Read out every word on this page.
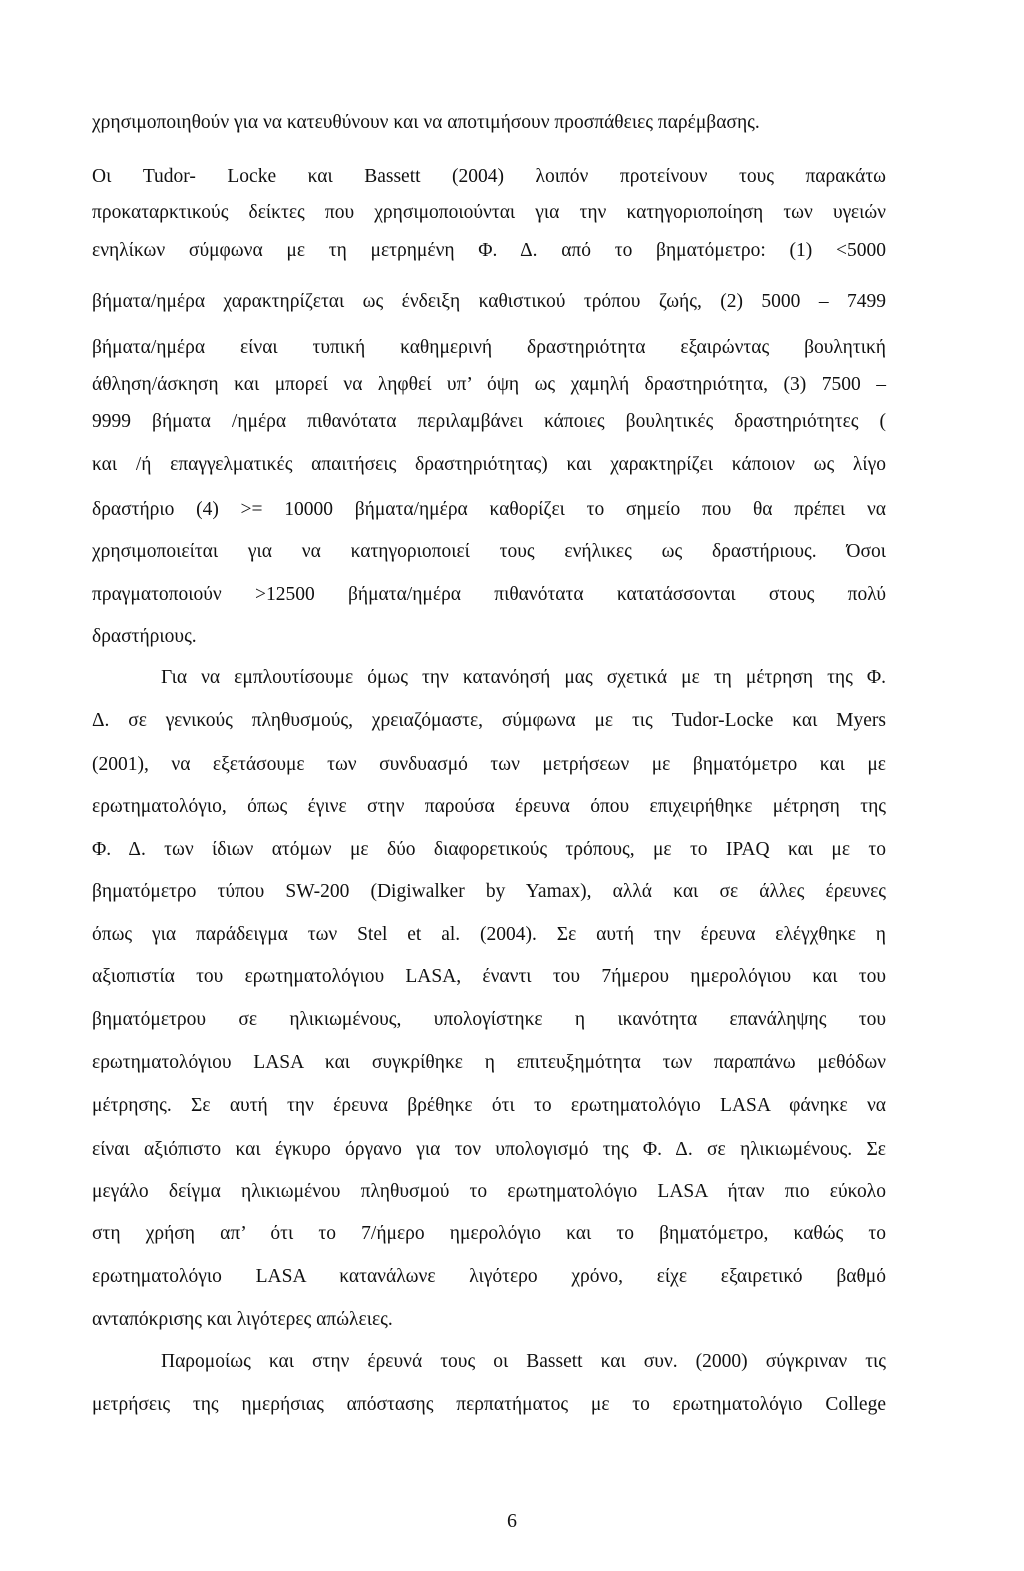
χρησιμοποιηθούν για να κατευθύνουν και να αποτιμήσουν προσπάθειες παρέμβασης.
Οι Tudor- Locke και Bassett (2004) λοιπόν προτείνουν τους παρακάτω
προκαταρκτικούς δείκτες που χρησιμοποιούνται για την κατηγοριοποίηση των υγειών
ενηλίκων σύμφωνα με τη μετρημένη Φ. Δ. από το βηματόμετρο: (1) <5000
βήματα/ημέρα χαρακτηρίζεται ως ένδειξη καθιστικού τρόπου ζωής, (2) 5000 – 7499
βήματα/ημέρα είναι τυπική καθημερινή δραστηριότητα εξαιρώντας βουλητική
άθληση/άσκηση και μπορεί να ληφθεί υπ’ όψη ως χαμηλή δραστηριότητα, (3) 7500 –
9999 βήματα /ημέρα πιθανότατα περιλαμβάνει κάποιες βουλητικές δραστηριότητες (
και /ή επαγγελματικές απαιτήσεις δραστηριότητας) και χαρακτηρίζει κάποιον ως λίγο
δραστήριο (4) >= 10000 βήματα/ημέρα καθορίζει το σημείο που θα πρέπει να
χρησιμοποιείται για να κατηγοριοποιεί τους ενήλικες ως δραστήριους. Όσοι
πραγματοποιούν >12500 βήματα/ημέρα πιθανότατα κατατάσσονται στους πολύ
δραστήριους.
Για να εμπλουτίσουμε όμως την κατανόησή μας σχετικά με τη μέτρηση της Φ.
Δ. σε γενικούς πληθυσμούς, χρειαζόμαστε, σύμφωνα με τις Tudor-Locke και Myers
(2001), να εξετάσουμε των συνδυασμό των μετρήσεων με βηματόμετρο και με
ερωτηματολόγιο, όπως έγινε στην παρούσα έρευνα όπου επιχειρήθηκε μέτρηση της
Φ. Δ. των ίδιων ατόμων με δύο διαφορετικούς τρόπους, με το IPAQ και με το
βηματόμετρο τύπου SW-200 (Digiwalker by Yamax), αλλά και σε άλλες έρευνες
όπως για παράδειγμα των Stel et al. (2004). Σε αυτή την έρευνα ελέγχθηκε η
αξιοπιστία του ερωτηματολόγιου LASA, έναντι του 7ήμερου ημερολόγιου και του
βηματόμετρου σε ηλικιωμένους, υπολογίστηκε η ικανότητα επανάληψης του
ερωτηματολόγιου LASA και συγκρίθηκε η επιτευξημότητα των παραπάνω μεθόδων
μέτρησης. Σε αυτή την έρευνα βρέθηκε ότι το ερωτηματολόγιο LASA φάνηκε να
είναι αξιόπιστο και έγκυρο όργανο για τον υπολογισμό της Φ. Δ. σε ηλικιωμένους. Σε
μεγάλο δείγμα ηλικιωμένου πληθυσμού το ερωτηματολόγιο LASA ήταν πιο εύκολο
στη χρήση απ’ ότι το 7/ήμερο ημερολόγιο και το βηματόμετρο, καθώς το
ερωτηματολόγιο LASA κατανάλωνε λιγότερο χρόνο, είχε εξαιρετικό βαθμό
ανταπόκρισης και λιγότερες απώλειες.
Παρομοίως και στην έρευνά τους οι Bassett και συν. (2000) σύγκριναν τις
μετρήσεις της ημερήσιας απόστασης περπατήματος με το ερωτηματολόγιο College
6
